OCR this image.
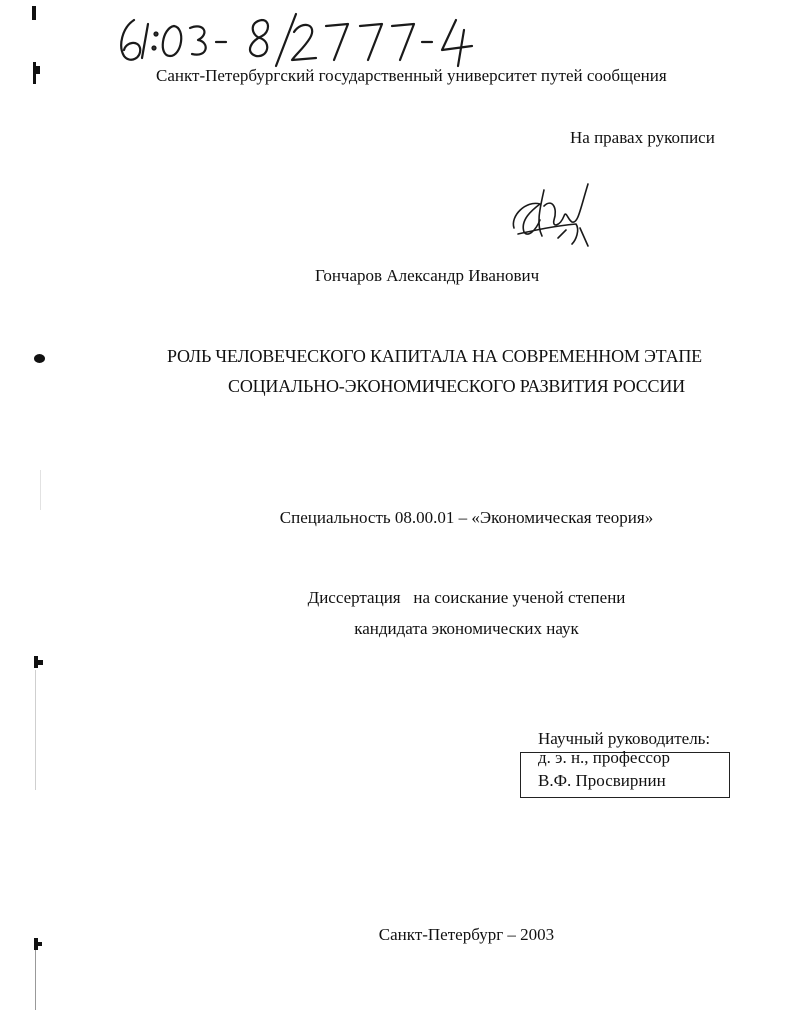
Санкт-Петербургский государственный университет путей сообщения
На правах рукописи
Гончаров Александр Иванович
РОЛЬ ЧЕЛОВЕЧЕСКОГО КАПИТАЛА НА СОВРЕМЕННОМ ЭТАПЕ
СОЦИАЛЬНО-ЭКОНОМИЧЕСКОГО РАЗВИТИЯ РОССИИ
Специальность 08.00.01 – «Экономическая теория»
Диссертация   на соискание ученой степени
кандидата экономических наук
Научный руководитель:
д. э. н., профессор
В.Ф. Просвирнин
Санкт-Петербург – 2003
